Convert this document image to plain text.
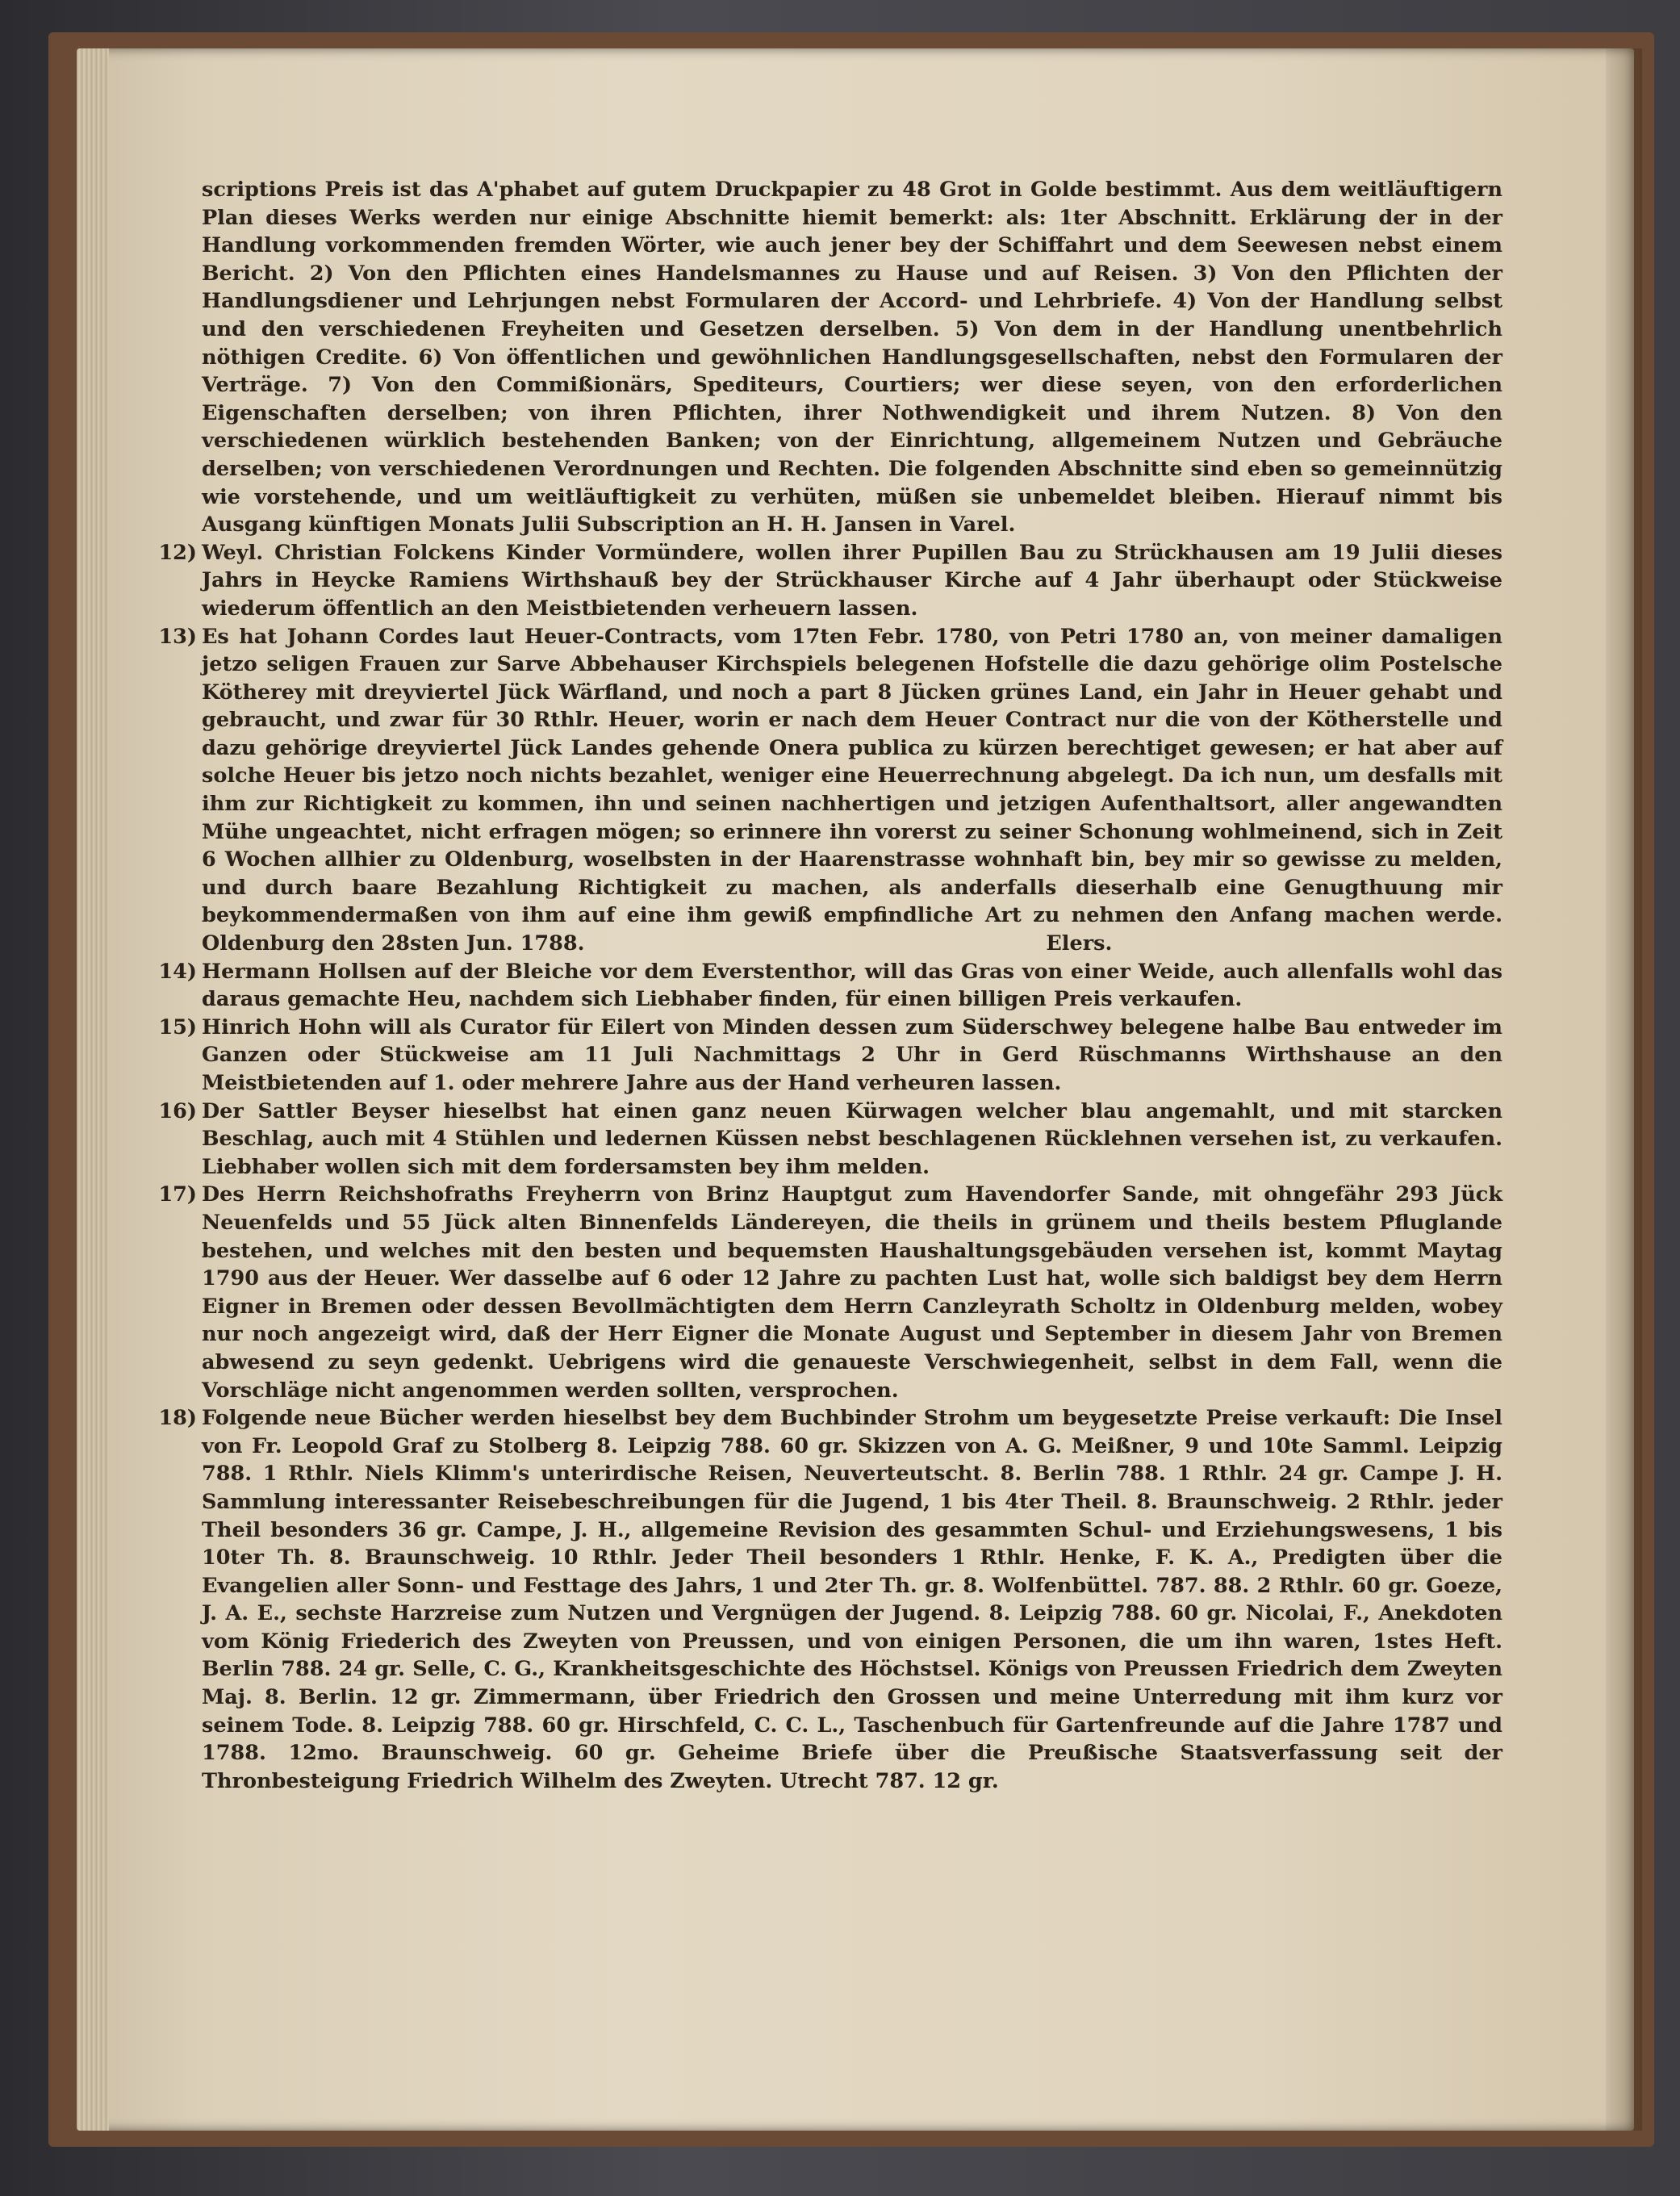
scriptions Preis ist das A'phabet auf gutem Druckpapier zu 48 Grot in Golde bestimmt. Aus dem weitläuftigern Plan dieses Werks werden nur einige Abschnitte hiemit bemerkt: als: 1ter Abschnitt. Erklärung der in der Handlung vorkommenden fremden Wörter, wie auch jener bey der Schiffahrt und dem Seewesen nebst einem Bericht. 2) Von den Pflichten eines Handelsmannes zu Hause und auf Reisen. 3) Von den Pflichten der Handlungsdiener und Lehrjungen nebst Formularen der Accord- und Lehrbriefe. 4) Von der Handlung selbst und den verschiedenen Freyheiten und Gesetzen derselben. 5) Von dem in der Handlung unentbehrlich nöthigen Credite. 6) Von öffentlichen und gewöhnlichen Handlungsgesellschaften, nebst den Formularen der Verträge. 7) Von den Commißionärs, Speditеurs, Courtiers; wer diese seyen, von den erforderlichen Eigenschaften derselben; von ihren Pflichten, ihrer Nothwendigkeit und ihrem Nutzen. 8) Von den verschiedenen würklich bestehenden Banken; von der Einrichtung, allgemeinem Nutzen und Gebräuche derselben; von verschiedenen Verordnungen und Rechten. Die folgenden Abschnitte sind eben so gemeinnützig wie vorstehende, und um weitläuftigkeit zu verhüten, müßen sie unbemeldet bleiben. Hierauf nimmt bis Ausgang künftigen Monats Julii Subscription an H. H. Jansen in Varel.

12) Weyl. Christian Folckens Kinder Vormündere, wollen ihrer Pupillen Bau zu Strückhausen am 19 Julii dieses Jahrs in Heycke Ramiens Wirthshauß bey der Strückhauser Kirche auf 4 Jahr überhaupt oder Stückweise wiederum öffentlich an den Meistbietenden verheuern lassen.
13) Es hat Johann Cordes laut Heuer-Contracts, vom 17ten Febr. 1780, von Petri 1780 an, von meiner damaligen jetzo seligen Frauen zur Sarve Abbehauser Kirchspiels belegenen Hofstelle die dazu gehörige olim Postelsche Kötherey mit dreyviertel Jück Wärfland, und noch a part 8 Jücken grünes Land, ein Jahr in Heuer gehabt und gebraucht, und zwar für 30 Rthlr. Heuer, worin er nach dem Heuer Contract nur die von der Kötherstelle und dazu gehörige dreyviertel Jück Landes gehende Onera publica zu kürzen berechtiget gewesen; er hat aber auf solche Heuer bis jetzo noch nichts bezahlet, weniger eine Heuerrechnung abgelegt. Da ich nun, um desfalls mit ihm zur Richtigkeit zu kommen, ihn und seinen nachhertigen und jetzigen Aufenthaltsort, aller angewandten Mühe ungeachtet, nicht erfragen mögen; so erinnere ihn vorerst zu seiner Schonung wohlmeinend, sich in Zeit 6 Wochen allhier zu Oldenburg, woselbsten in der Haarenstrasse wohnhaft bin, bey mir so gewisse zu melden, und durch baare Bezahlung Richtigkeit zu machen, als anderfalls dieserhalb eine Genugthuung mir beykommendermaßen von ihm auf eine ihm gewiß empfindliche Art zu nehmen den Anfang machen werde. Oldenburg den 28sten Jun. 1788.	Elers.
14) Hermann Hollsen auf der Bleiche vor dem Everstenthor, will das Gras von einer Weide, auch allenfalls wohl das daraus gemachte Heu, nachdem sich Liebhaber finden, für einen billigen Preis verkaufen.
15) Hinrich Hohn will als Curator für Eilert von Minden dessen zum Süderschwey belegene halbe Bau entweder im Ganzen oder Stückweise am 11 Juli Nachmittags 2 Uhr in Gerd Rüschmanns Wirthshause an den Meistbietenden auf 1. oder mehrere Jahre aus der Hand verheuren lassen.
16) Der Sattler Beyser hieselbst hat einen ganz neuen Kürwagen welcher blau angemahlt, und mit starcken Beschlag, auch mit 4 Stühlen und ledernen Küssen nebst beschlagenen Rücklehnen versehen ist, zu verkaufen. Liebhaber wollen sich mit dem fordersamsten bey ihm melden.
17) Des Herrn Reichshofraths Freyherrn von Brinz Hauptgut zum Havendorfer Sande, mit ohngefähr 293 Jück Neuenfelds und 55 Jück alten Binnenfelds Ländereyen, die theils in grünem und theils bestem Pfluglande bestehen, und welches mit den besten und bequemsten Haushaltungsgebäuden versehen ist, kommt Maytag 1790 aus der Heuer. Wer dasselbe auf 6 oder 12 Jahre zu pachten Lust hat, wolle sich baldigst bey dem Herrn Eigner in Bremen oder dessen Bevollmächtigten dem Herrn Canzleyrath Scholtz in Oldenburg melden, wobey nur noch angezeigt wird, daß der Herr Eigner die Monate August und September in diesem Jahr von Bremen abwesend zu seyn gedenkt. Uebrigens wird die genaueste Verschwiegenheit, selbst in dem Fall, wenn die Vorschläge nicht angenommen werden sollten, versprochen.
18) Folgende neue Bücher werden hieselbst bey dem Buchbinder Strohm um beygesetzte Preise verkauft: Die Insel von Fr. Leopold Graf zu Stolberg 8. Leipzig 788. 60 gr. Skizzen von A. G. Meißner, 9 und 10te Samml. Leipzig 788. 1 Rthlr. Niels Klimm's unterirdische Reisen, Neuverteutscht. 8. Berlin 788. 1 Rthlr. 24 gr. Campe J. H. Sammlung interessanter Reisebeschreibungen für die Jugend, 1 bis 4ter Theil. 8. Braunschweig. 2 Rthlr. jeder Theil besonders 36 gr. Campe, J. H., allgemeine Revision des gesammten Schul- und Erziehungswesens, 1 bis 10ter Th. 8. Braunschweig. 10 Rthlr. Jeder Theil besonders 1 Rthlr. Henke, F. K. A., Predigten über die Evangelien aller Sonn- und Festtage des Jahrs, 1 und 2ter Th. gr. 8. Wolfenbüttel. 787. 88. 2 Rthlr. 60 gr. Goeze, J. A. E., sechste Harzreise zum Nutzen und Vergnügen der Jugend. 8. Leipzig 788. 60 gr. Nicolai, F., Anekdoten vom König Friederich des Zweyten von Preussen, und von einigen Personen, die um ihn waren, 1stes Heft. Berlin 788. 24 gr. Selle, C. G., Krankheitsgeschichte des Höchstsel. Königs von Preussen Friedrich dem Zweyten Maj. 8. Berlin. 12 gr. Zimmermann, über Friedrich den Grossen und meine Unterredung mit ihm kurz vor seinem Tode. 8. Leipzig 788. 60 gr. Hirschfeld, C. C. L., Taschenbuch für Gartenfreunde auf die Jahre 1787 und 1788. 12mo. Braunschweig. 60 gr. Geheime Briefe über die Preußische Staatsverfassung seit der Thronbesteigung Friedrich Wilhelm des Zweyten. Utrecht 787. 12 gr.
